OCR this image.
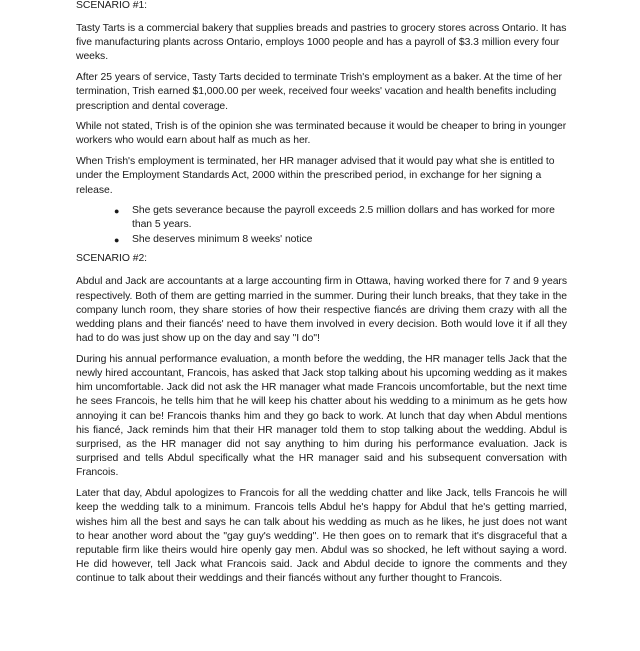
SCENARIO #1:

Tasty Tarts is a commercial bakery that supplies breads and pastries to grocery stores across Ontario. It has five manufacturing plants across Ontario, employs 1000 people and has a payroll of $3.3 million every four weeks.

After 25 years of service, Tasty Tarts decided to terminate Trish's employment as a baker. At the time of her termination, Trish earned $1,000.00 per week, received four weeks' vacation and health benefits including prescription and dental coverage.

While not stated, Trish is of the opinion she was terminated because it would be cheaper to bring in younger workers who would earn about half as much as her.

When Trish's employment is terminated, her HR manager advised that it would pay what she is entitled to under the Employment Standards Act, 2000 within the prescribed period, in exchange for her signing a release.

● She gets severance because the payroll exceeds 2.5 million dollars and has worked for more than 5 years.
● She deserves minimum 8 weeks' notice
SCENARIO #2:

Abdul and Jack are accountants at a large accounting firm in Ottawa, having worked there for 7 and 9 years respectively. Both of them are getting married in the summer. During their lunch breaks, that they take in the company lunch room, they share stories of how their respective fiancés are driving them crazy with all the wedding plans and their fiancés' need to have them involved in every decision. Both would love it if all they had to do was just show up on the day and say "I do"!

During his annual performance evaluation, a month before the wedding, the HR manager tells Jack that the newly hired accountant, Francois, has asked that Jack stop talking about his upcoming wedding as it makes him uncomfortable. Jack did not ask the HR manager what made Francois uncomfortable, but the next time he sees Francois, he tells him that he will keep his chatter about his wedding to a minimum as he gets how annoying it can be! Francois thanks him and they go back to work. At lunch that day when Abdul mentions his fiancé, Jack reminds him that their HR manager told them to stop talking about the wedding. Abdul is surprised, as the HR manager did not say anything to him during his performance evaluation. Jack is surprised and tells Abdul specifically what the HR manager said and his subsequent conversation with Francois.

Later that day, Abdul apologizes to Francois for all the wedding chatter and like Jack, tells Francois he will keep the wedding talk to a minimum. Francois tells Abdul he's happy for Abdul that he's getting married, wishes him all the best and says he can talk about his wedding as much as he likes, he just does not want to hear another word about the "gay guy's wedding". He then goes on to remark that it's disgraceful that a reputable firm like theirs would hire openly gay men. Abdul was so shocked, he left without saying a word. He did however, tell Jack what Francois said. Jack and Abdul decide to ignore the comments and they continue to talk about their weddings and their fiancés without any further thought to Francois.
